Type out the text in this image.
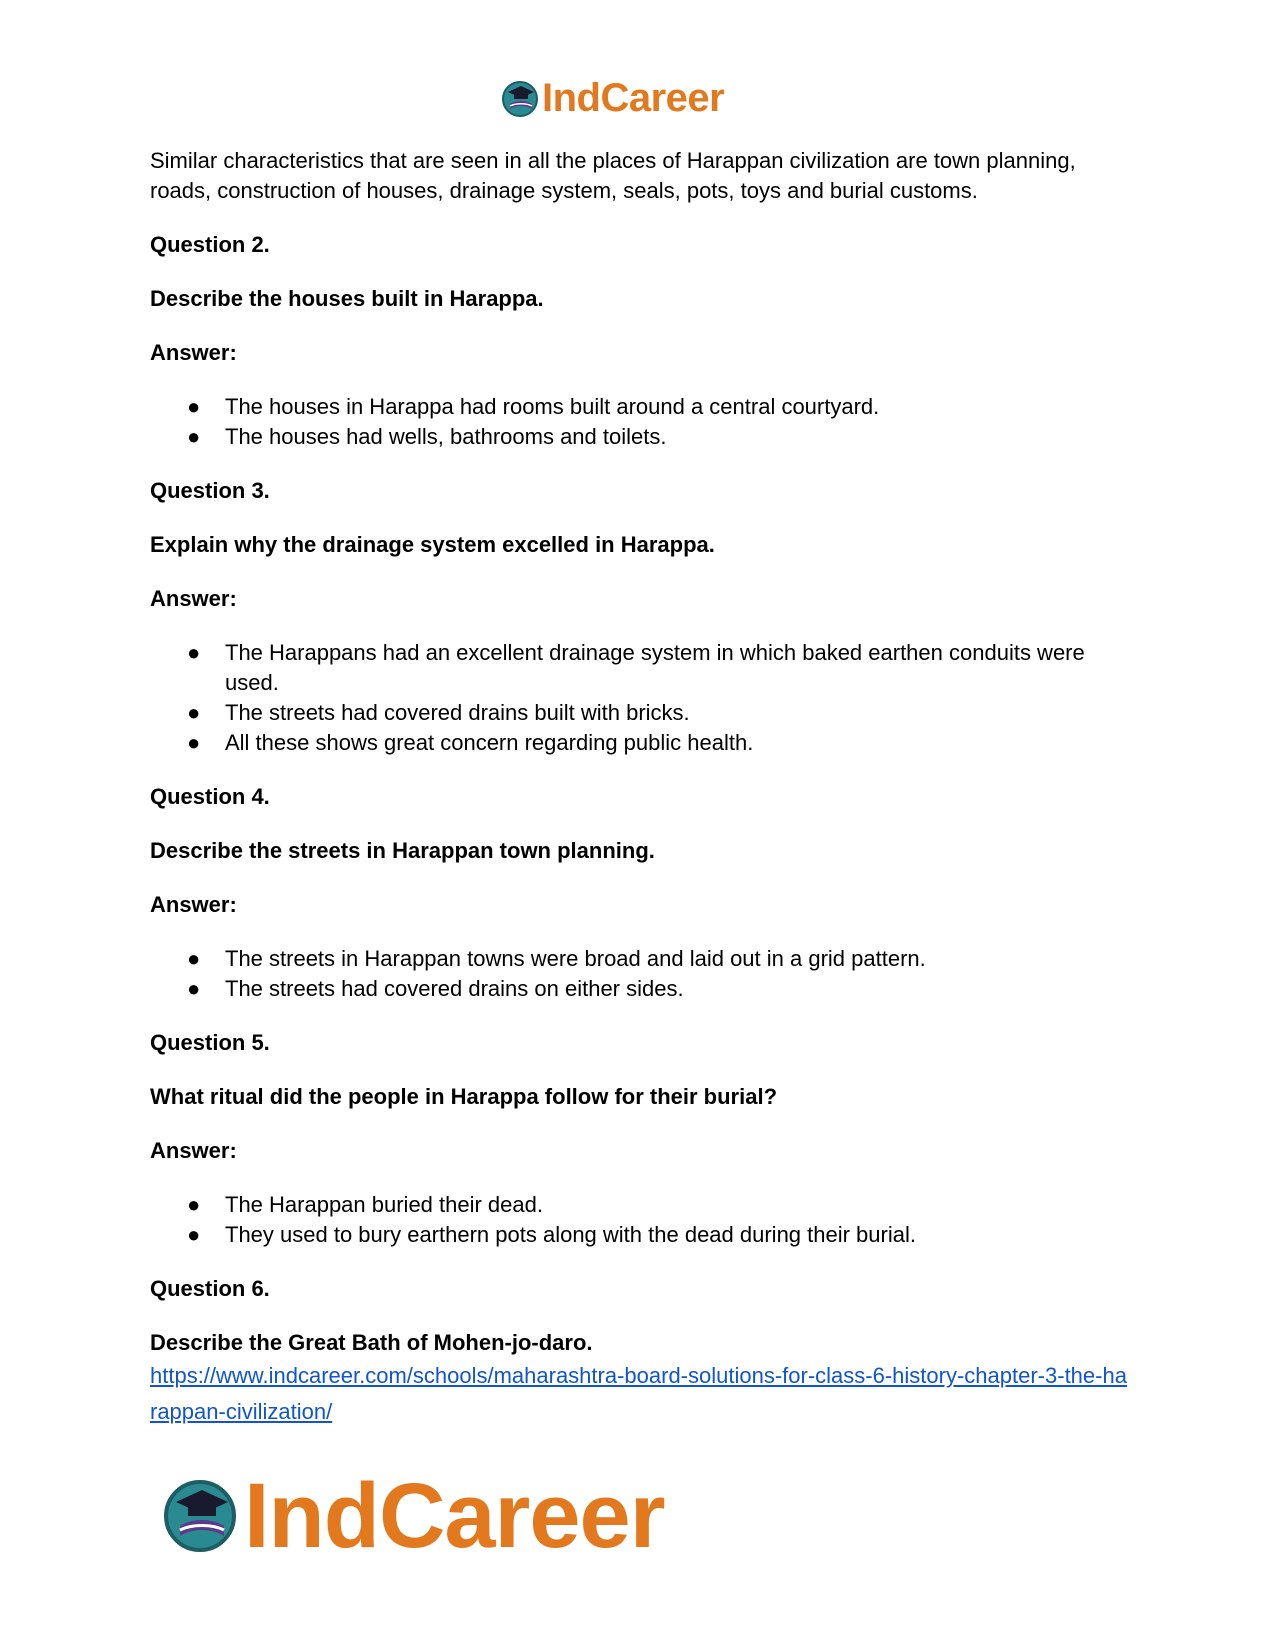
IndCareer

Similar characteristics that are seen in all the places of Harappan civilization are town planning, roads, construction of houses, drainage system, seals, pots, toys and burial customs.

Question 2.

Describe the houses built in Harappa.

Answer:

● The houses in Harappa had rooms built around a central courtyard.
● The houses had wells, bathrooms and toilets.

Question 3.

Explain why the drainage system excelled in Harappa.

Answer:

● The Harappans had an excellent drainage system in which baked earthen conduits were used.
● The streets had covered drains built with bricks.
● All these shows great concern regarding public health.

Question 4.

Describe the streets in Harappan town planning.

Answer:

● The streets in Harappan towns were broad and laid out in a grid pattern.
● The streets had covered drains on either sides.

Question 5.

What ritual did the people in Harappa follow for their burial?

Answer:

● The Harappan buried their dead.
● They used to bury earthern pots along with the dead during their burial.

Question 6.

Describe the Great Bath of Mohen-jo-daro.

https://www.indcareer.com/schools/maharashtra-board-solutions-for-class-6-history-chapter-3-the-harappan-civilization/
IndCareer
